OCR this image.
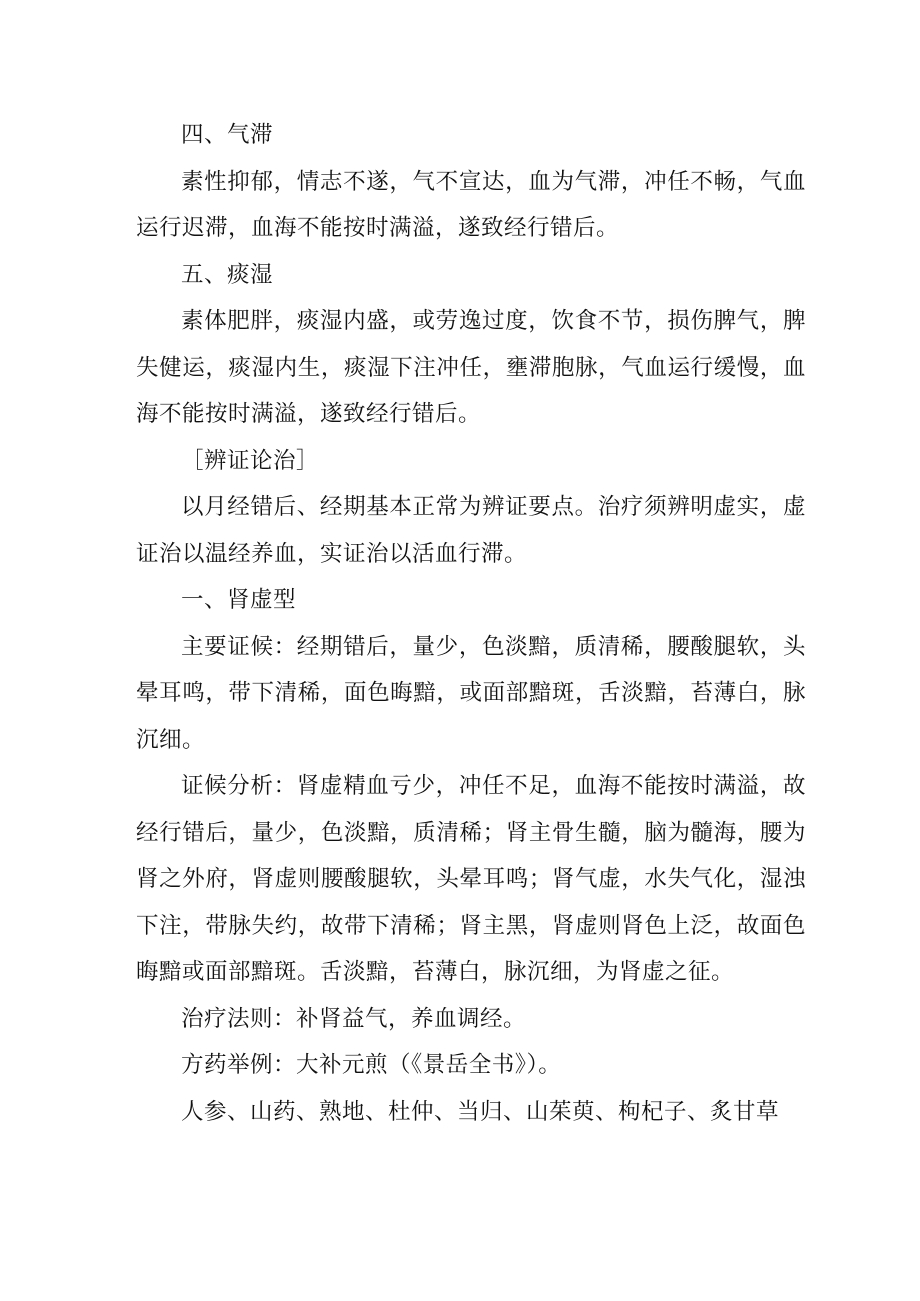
四、气滞

素性抑郁，情志不遂，气不宣达，血为气滞，冲任不畅，气血运行迟滞，血海不能按时满溢，遂致经行错后。

五、痰湿

素体肥胖，痰湿内盛，或劳逸过度，饮食不节，损伤脾气，脾失健运，痰湿内生，痰湿下注冲任，壅滞胞脉，气血运行缓慢，血海不能按时满溢，遂致经行错后。

［辨证论治］

以月经错后、经期基本正常为辨证要点。治疗须辨明虚实，虚证治以温经养血，实证治以活血行滞。

一、肾虚型

主要证候：经期错后，量少，色淡黯，质清稀，腰酸腿软，头晕耳鸣，带下清稀，面色晦黯，或面部黯斑，舌淡黯，苔薄白，脉沉细。

证候分析：肾虚精血亏少，冲任不足，血海不能按时满溢，故经行错后，量少，色淡黯，质清稀；肾主骨生髓，脑为髓海，腰为肾之外府，肾虚则腰酸腿软，头晕耳鸣；肾气虚，水失气化，湿浊下注，带脉失约，故带下清稀；肾主黑，肾虚则肾色上泛，故面色晦黯或面部黯斑。舌淡黯，苔薄白，脉沉细，为肾虚之征。

治疗法则：补肾益气，养血调经。

方药举例：大补元煎（《景岳全书》）。

人参、山药、熟地、杜仲、当归、山茱萸、枸杞子、炙甘草
